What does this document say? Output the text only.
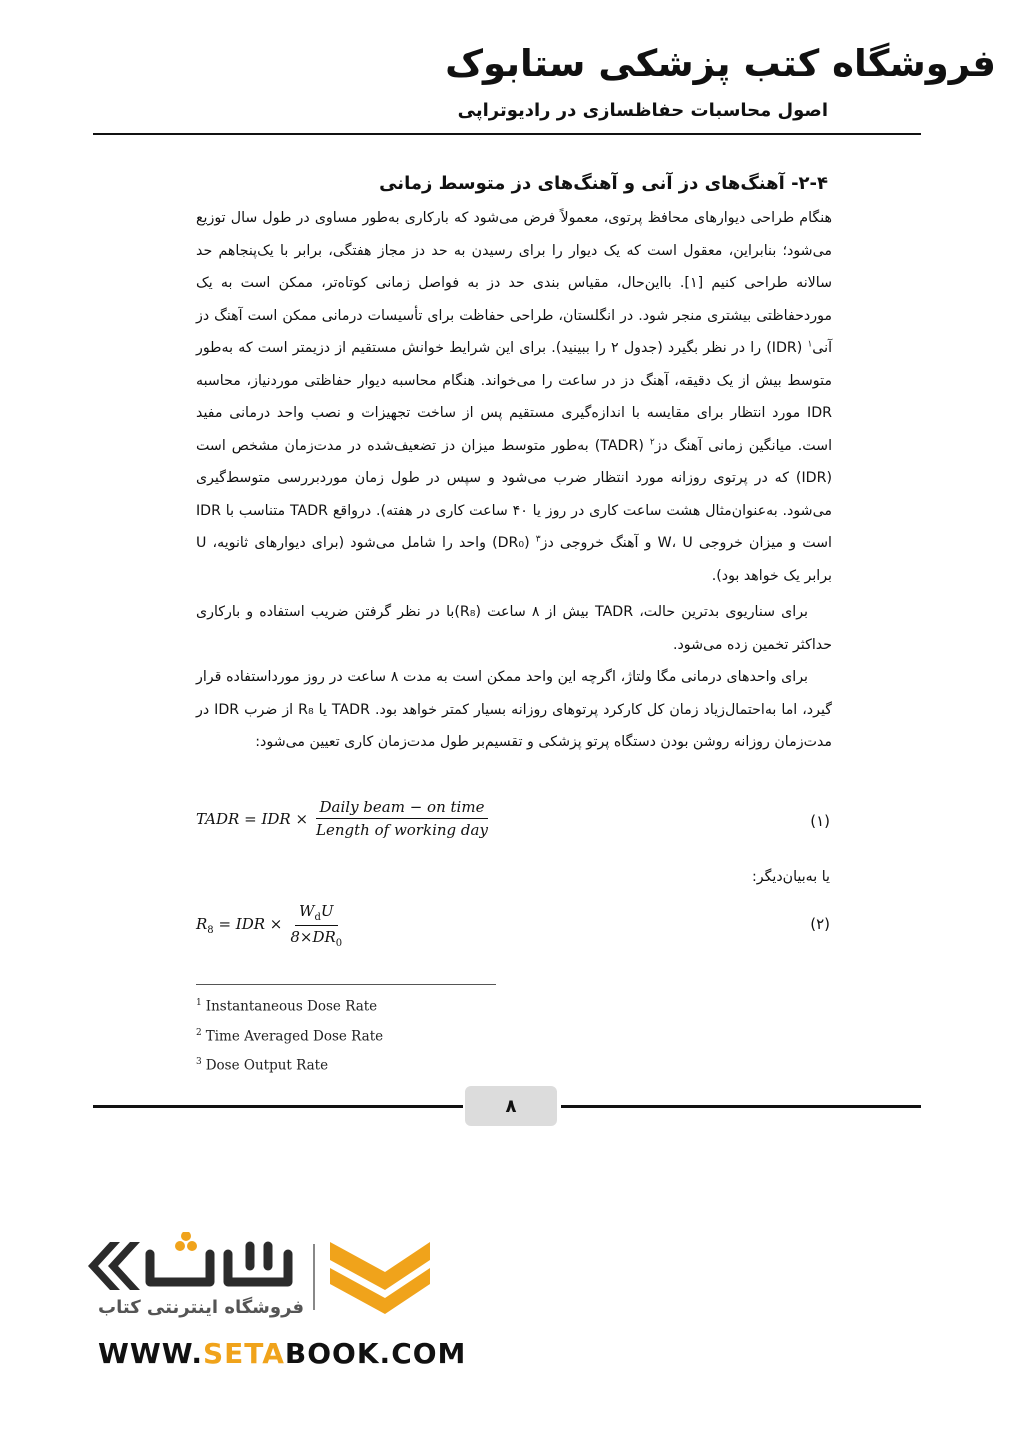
فروشگاه کتب پزشکی ستابوک
اصول محاسبات حفاظسازی در رادیوتراپی
۲-۴- آهنگ‌های دز آنی و آهنگ‌های دز متوسط زمانی
هنگام طراحی دیوارهای محافظ پرتوی، معمولاً فرض می‌شود که بارکاری به‌طور مساوی در طول سال توزیع می‌شود؛ بنابراین، معقول است که یک دیوار را برای رسیدن به حد دز مجاز هفتگی، برابر با یک‌پنجاهم حد سالانه طراحی کنیم [۱]. بااین‌حال، مقیاس بندی حد دز به فواصل زمانی کوتاه‌تر، ممکن است به یک موردحفاظتی بیشتری منجر شود. در انگلستان، طراحی حفاظت برای تأسیسات درمانی ممکن است آهنگ دز آنی$^۱$ (IDR) را در نظر بگیرد (جدول ۲ را ببینید). برای این شرایط خوانش مستقیم از دزیمتر است که به‌طور متوسط بیش از یک دقیقه، آهنگ دز در ساعت را می‌خواند. هنگام محاسبه دیوار حفاظتی موردنیاز، محاسبه IDR مورد انتظار برای مقایسه با اندازه‌گیری مستقیم پس از ساخت تجهیزات و نصب واحد درمانی مفید است. میانگین زمانی آهنگ دز$^۲$ (TADR) به‌طور متوسط میزان دز تضعیف‌شده در مدت‌زمان مشخص است (IDR) که در پرتوی روزانه مورد انتظار ضرب می‌شود و سپس در طول زمان موردبررسی متوسط‌گیری می‌شود. به‌عنوان‌مثال هشت ساعت کاری در روز یا ۴۰ ساعت کاری در هفته). درواقع TADR متناسب با IDR است و میزان خروجی W، U و آهنگ خروجی دز$^۳$ (DR₀) واحد را شامل می‌شود (برای دیوارهای ثانویه، U برابر یک خواهد بود).
برای سناریوی بدترین حالت، TADR بیش از ۸ ساعت (R₈)با در نظر گرفتن ضریب استفاده و بارکاری حداکثر تخمین زده می‌شود.
برای واحدهای درمانی مگا ولتاژ، اگرچه این واحد ممکن است به مدت ۸ ساعت در روز مورداستفاده قرار گیرد، اما به‌احتمال‌زیاد زمان کل کارکرد پرتوهای روزانه بسیار کمتر خواهد بود. TADR یا R₈ از ضرب IDR در مدت‌زمان روزانه روشن بودن دستگاه پرتو پزشکی و تقسیم‌بر طول مدت‌زمان کاری تعیین می‌شود:
TADR = IDR × $\frac{\text{Daily beam − on time}}{\text{Length of working day}}$	(۱)
یا به‌بیان‌دیگر:
$R_8$ = IDR × $\frac{W_dU}{8\times DR_0}$	(۲)
$^1$ Instantaneous Dose Rate
$^2$ Time Averaged Dose Rate
$^3$ Dose Output Rate
۸
فروشگاه اینترنتی کتاب
WWW.SETABOOK.COM
